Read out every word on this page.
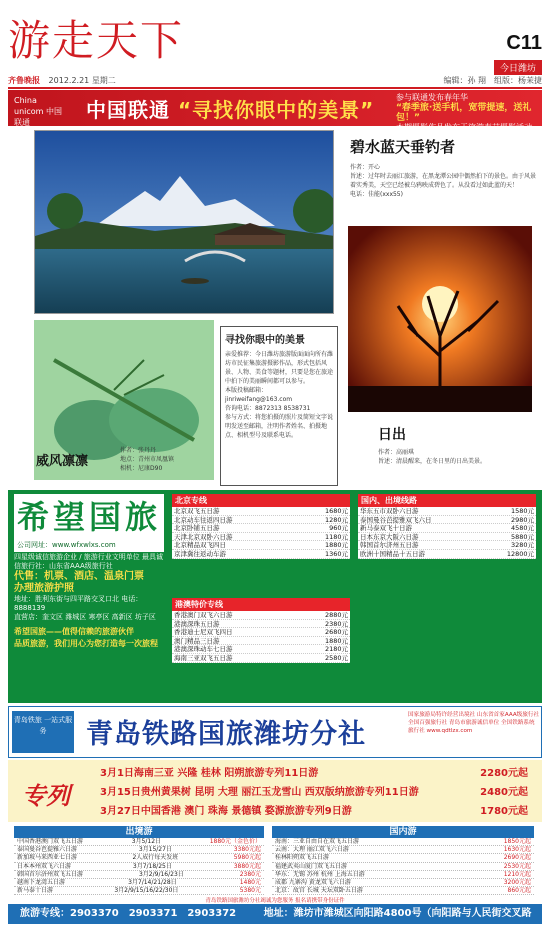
游走天下	C11
今日潍坊
齐鲁晚报 2012.2.21 星期二	编辑：孙 翔　组版：杨茉捷
China unicom 中国联通
中国联通 “寻找你眼中的美景”
参与联通发布春年华
“春季旅·送手机，宽带提速，送礼包！”
本期摄影作品发布于旅游春节摄影活动
碧水蓝天垂钓者
作者：开心
旨述：过年时去丽江旅游，在黑龙潭公园中偶然拍下的景色。由于风景着实秀美，天空已经被乌鸦映成碧色了。从没看过如此蓝的天！
电话：佳能(xxx55)
日出
作者：高丽琪
旨述：清晨醒来，在冬日里的日出美景。
威风凛凛
作者：张丹丹
地点：青州市凤凰镇
相机：尼康D90
寻找你眼中的美景
亲爱推荐：今日潍坊旅游版面面向所有潍坊市民征集旅游摄影作品，形式包括风景、人物、美食等题材，只要是您在旅途中拍下的美丽瞬间都可以参与。
本版投稿邮箱：jinriweifang@163.com
咨询电话：8872313 8538731
参与方式：将您拍摄的照片及简短文字说明发送至邮箱，注明作者姓名、拍摄地点、相机型号及联系电话。
希望国旅
公司网址：www.wfxwlxs.com
四星级诚信旅游企业 / 旅游行业文明单位 最具诚信旅行社：山东省AAA级旅行社
代售：机票、酒店、温泉门票
办理旅游护照
地址：胜利东街与四平路交叉口北 电话：8888139
直营店：奎文区 潍城区 寒亭区 高新区 坊子区
希望国旅——值得信赖的旅游伙伴
品质旅游，我们用心为您打造每一次旅程
北京专线
北京双飞五日游	1680元
北京动车往返四日游	1280元
北京卧铺五日游	960元
天津北京双卧六日游	1180元
北京精品双飞四日	1880元
京津冀往返动车游	1360元
港澳特价专线
香港澳门双飞六日游	2880元
港澳深珠五日游	2380元
香港迪士尼双飞四日	2680元
澳门精品三日游	1880元
港澳深珠动车七日游	2180元
海南三亚双飞五日游	2580元
国内、出境线路
华东五市双卧六日游	1580元
泰国曼谷芭提雅双飞六日	2980元
新马泰双飞十日游	4580元
日本东京大阪六日游	5880元
韩国首尔济州五日游	3280元
欧洲十国精品十五日游	12800元
青岛铁旅 一站式服务	青岛铁路国旅潍坊分社
国家旅游局特许经营出境社 山东省首家AAA级旅行社 全国百强旅行社 青岛市旅游诚信单位 全国铁路系统旅行社 www.qdtlzx.com
专列
3月1日海南三亚 兴隆 桂林 阳朔旅游专列11日游	2280元起
3月15日贵州黄果树 昆明 大理 丽江玉龙雪山 西双版纳旅游专列11日游	2480元起
3月27日中国香港 澳门 珠海 景德镇 婺源旅游专列9日游	1780元起
出境游
中国香港澳门双飞五日游	3月5/12日	1880元（金色价）
泰国曼谷芭提雅六日游	3月15/27日	3380元起
新加坡马来西亚七日游	2人成行每天发班	5980元起
日本本州双飞六日游	3月7/18/25日	3880元起
韩国首尔济州双飞五日游	3月2/9/16/23日	2380元
越南下龙湾五日游	3月7/14/21/28日	1480元
新马泰十日游	3月2/9/15/16/22/30日	5380元
国内游
海南：三亚自由自在双飞五日游	1850元起
云南：大理 丽江双飞六日游	1630元起
桂林阳朔双飞五日游	2690元起
福建武夷山厦门双飞五日游	2530元起
华东：无锡 苏州 杭州 上海五日游	1210元起
成都 九寨沟 黄龙双飞六日游	3200元起
北京：故宫 长城 天坛双卧五日游	860元起
青岛铁路国旅潍坊分社竭诚为您服务 报名请携带身份证件
旅游专线：2903370　2903371　2903372	地址：潍坊市潍城区向阳路4800号（向阳路与人民街交叉路口）
